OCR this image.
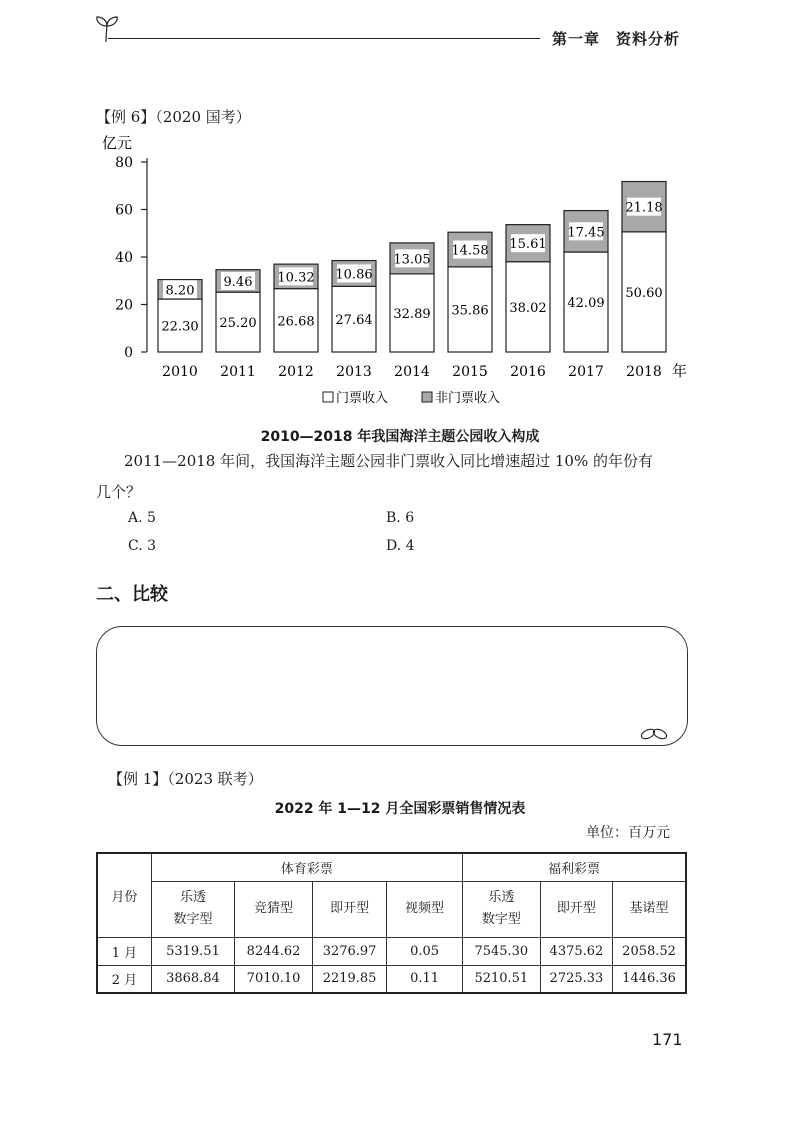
第一章　资料分析
【例 6】（2020 国考）
亿元
0
20
40
60
80
8.20
22.30
2010
9.46
25.20
2011
10.32
26.68
2012
10.86
27.64
2013
13.05
32.89
2014
14.58
35.86
2015
15.61
38.02
2016
17.45
42.09
2017
21.18
50.60
2018 年
门票收入	非门票收入
2010—2018 年我国海洋主题公园收入构成
2011—2018 年间，我国海洋主题公园非门票收入同比增速超过 10% 的年份有
几个？
A. 5	B. 6
C. 3	D. 4
二、比较
【例 1】（2023 联考）
2022 年 1—12 月全国彩票销售情况表
单位：百万元
月份	体育彩票				福利彩票		
	乐透
数字型	竞猜型	即开型	视频型	乐透
数字型	即开型	基诺型
1 月	5319.51	8244.62	3276.97	0.05	7545.30	4375.62	2058.52
2 月	3868.84	7010.10	2219.85	0.11	5210.51	2725.33	1446.36
171
